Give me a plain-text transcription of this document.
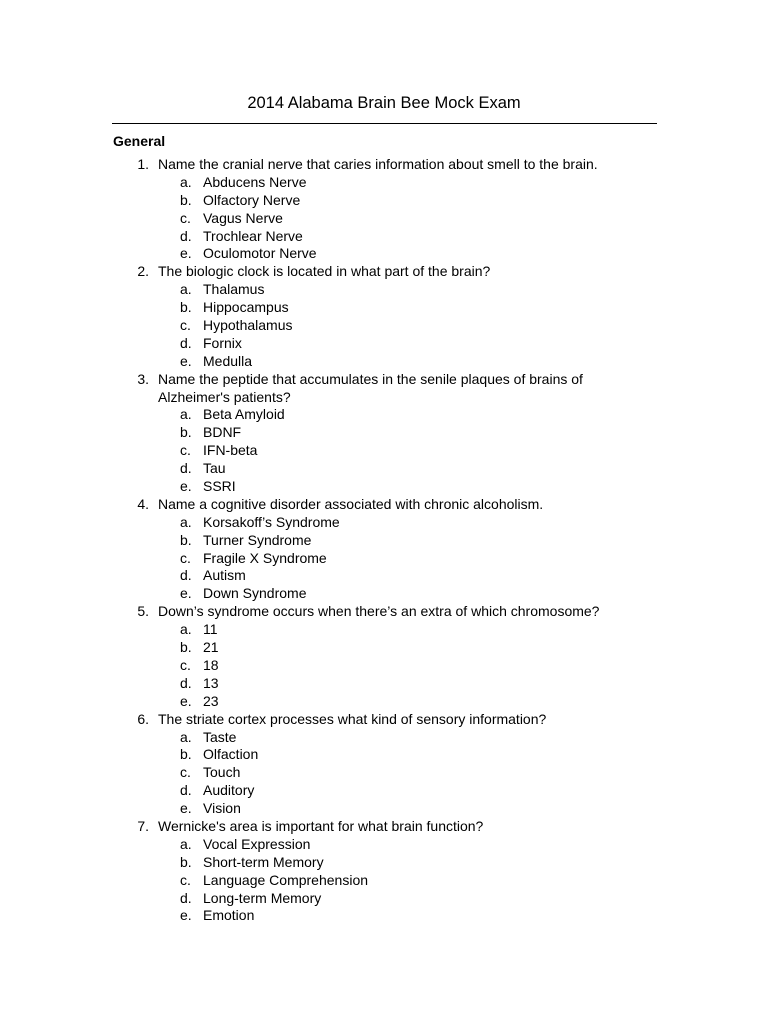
2014 Alabama Brain Bee Mock Exam
General
1. Name the cranial nerve that caries information about smell to the brain.
a. Abducens Nerve
b. Olfactory Nerve
c. Vagus Nerve
d. Trochlear Nerve
e. Oculomotor Nerve
2. The biologic clock is located in what part of the brain?
a. Thalamus
b. Hippocampus
c. Hypothalamus
d. Fornix
e. Medulla
3. Name the peptide that accumulates in the senile plaques of brains of
Alzheimer's patients?
a. Beta Amyloid
b. BDNF
c. IFN-beta
d. Tau
e. SSRI
4. Name a cognitive disorder associated with chronic alcoholism.
a. Korsakoff’s Syndrome
b. Turner Syndrome
c. Fragile X Syndrome
d. Autism
e. Down Syndrome
5. Down’s syndrome occurs when there’s an extra of which chromosome?
a. 11
b. 21
c. 18
d. 13
e. 23
6. The striate cortex processes what kind of sensory information?
a. Taste
b. Olfaction
c. Touch
d. Auditory
e. Vision
7. Wernicke's area is important for what brain function?
a. Vocal Expression
b. Short-term Memory
c. Language Comprehension
d. Long-term Memory
e. Emotion
